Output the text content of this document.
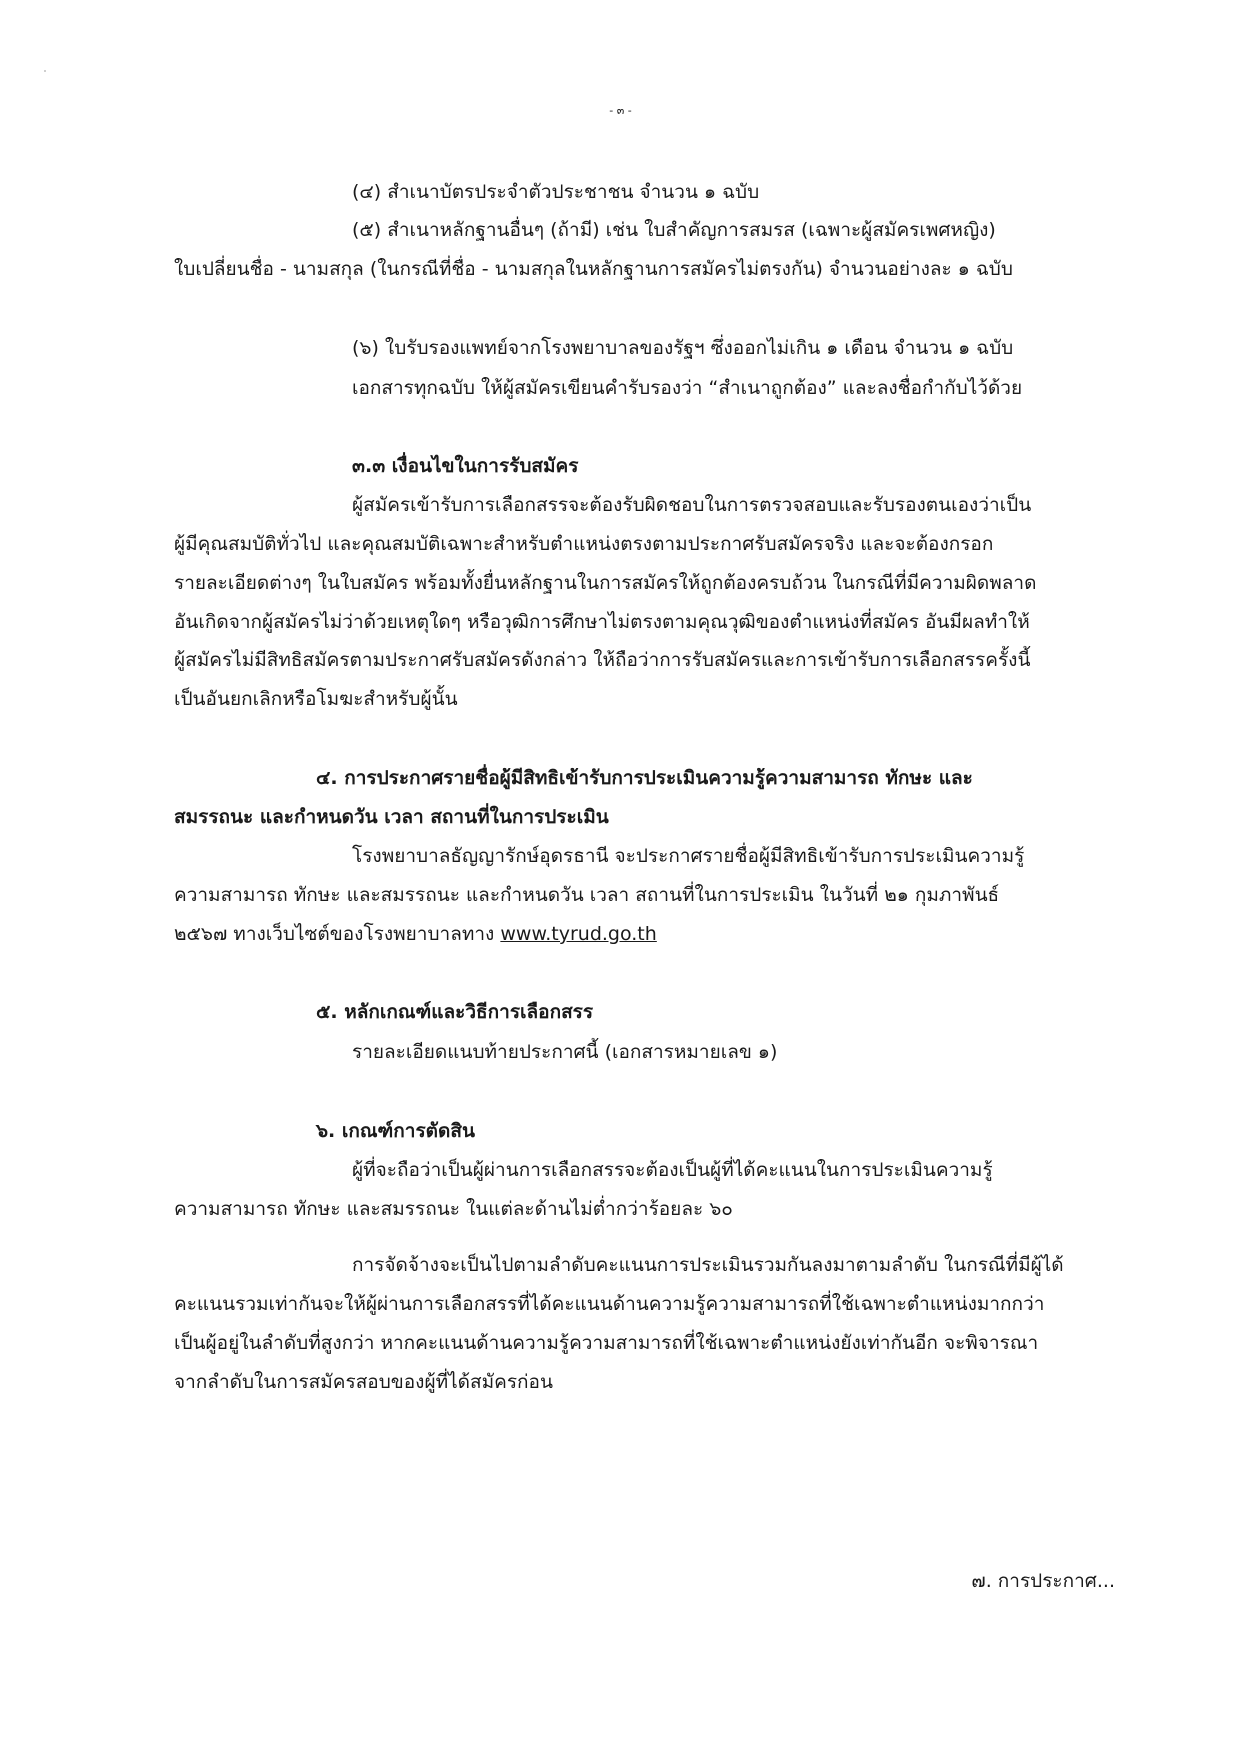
- ๓ -
(๔) สำเนาบัตรประจำตัวประชาชน จำนวน ๑ ฉบับ
(๕) สำเนาหลักฐานอื่นๆ (ถ้ามี) เช่น ใบสำคัญการสมรส (เฉพาะผู้สมัครเพศหญิง)
ใบเปลี่ยนชื่อ - นามสกุล (ในกรณีที่ชื่อ - นามสกุลในหลักฐานการสมัครไม่ตรงกัน) จำนวนอย่างละ ๑ ฉบับ
(๖) ใบรับรองแพทย์จากโรงพยาบาลของรัฐฯ ซึ่งออกไม่เกิน ๑ เดือน จำนวน ๑ ฉบับ
เอกสารทุกฉบับ ให้ผู้สมัครเขียนคำรับรองว่า “สำเนาถูกต้อง” และลงชื่อกำกับไว้ด้วย
๓.๓ เงื่อนไขในการรับสมัคร
ผู้สมัครเข้ารับการเลือกสรรจะต้องรับผิดชอบในการตรวจสอบและรับรองตนเองว่าเป็น
ผู้มีคุณสมบัติทั่วไป และคุณสมบัติเฉพาะสำหรับตำแหน่งตรงตามประกาศรับสมัครจริง และจะต้องกรอก
รายละเอียดต่างๆ ในใบสมัคร พร้อมทั้งยื่นหลักฐานในการสมัครให้ถูกต้องครบถ้วน ในกรณีที่มีความผิดพลาด
อันเกิดจากผู้สมัครไม่ว่าด้วยเหตุใดๆ หรือวุฒิการศึกษาไม่ตรงตามคุณวุฒิของตำแหน่งที่สมัคร อันมีผลทำให้
ผู้สมัครไม่มีสิทธิสมัครตามประกาศรับสมัครดังกล่าว ให้ถือว่าการรับสมัครและการเข้ารับการเลือกสรรครั้งนี้
เป็นอันยกเลิกหรือโมฆะสำหรับผู้นั้น
๔. การประกาศรายชื่อผู้มีสิทธิเข้ารับการประเมินความรู้ความสามารถ ทักษะ และ
สมรรถนะ และกำหนดวัน เวลา สถานที่ในการประเมิน
โรงพยาบาลธัญญารักษ์อุดรธานี จะประกาศรายชื่อผู้มีสิทธิเข้ารับการประเมินความรู้
ความสามารถ ทักษะ และสมรรถนะ และกำหนดวัน เวลา สถานที่ในการประเมิน ในวันที่ ๒๑ กุมภาพันธ์
๒๕๖๗ ทางเว็บไซต์ของโรงพยาบาลทาง www.tyrud.go.th
๕. หลักเกณฑ์และวิธีการเลือกสรร
รายละเอียดแนบท้ายประกาศนี้ (เอกสารหมายเลข ๑)
๖. เกณฑ์การตัดสิน
ผู้ที่จะถือว่าเป็นผู้ผ่านการเลือกสรรจะต้องเป็นผู้ที่ได้คะแนนในการประเมินความรู้
ความสามารถ ทักษะ และสมรรถนะ ในแต่ละด้านไม่ต่ำกว่าร้อยละ ๖๐
การจัดจ้างจะเป็นไปตามลำดับคะแนนการประเมินรวมกันลงมาตามลำดับ ในกรณีที่มีผู้ได้
คะแนนรวมเท่ากันจะให้ผู้ผ่านการเลือกสรรที่ได้คะแนนด้านความรู้ความสามารถที่ใช้เฉพาะตำแหน่งมากกว่า
เป็นผู้อยู่ในลำดับที่สูงกว่า หากคะแนนด้านความรู้ความสามารถที่ใช้เฉพาะตำแหน่งยังเท่ากันอีก จะพิจารณา
จากลำดับในการสมัครสอบของผู้ที่ได้สมัครก่อน
๗. การประกาศ...
